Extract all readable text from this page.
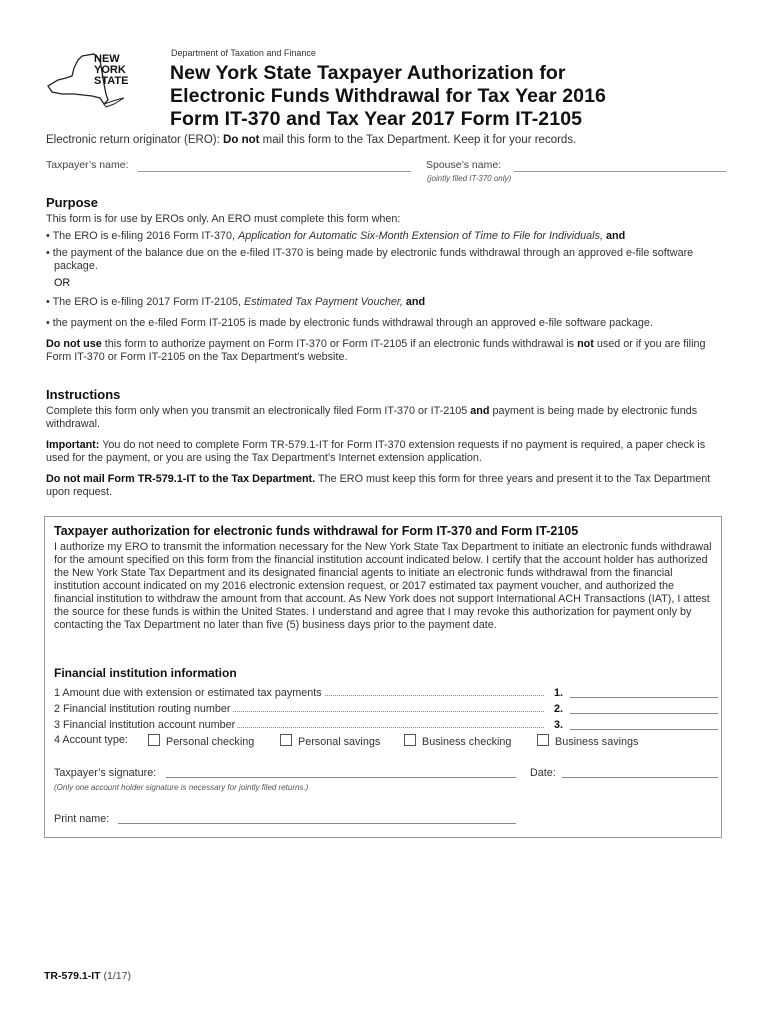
NEW
YORK
STATE
Department of Taxation and Finance
New York State Taxpayer Authorization for
Electronic Funds Withdrawal for Tax Year 2016
Form IT-370 and Tax Year 2017 Form IT-2105
Electronic return originator (ERO): Do not mail this form to the Tax Department. Keep it for your records.
Taxpayer’s name:	Spouse’s name:
(jointly filed IT-370 only)
Purpose

This form is for use by EROs only. An ERO must complete this form when:

• The ERO is e-filing 2016 Form IT-370, Application for Automatic Six-Month Extension of Time to File for Individuals, and

• the payment of the balance due on the e-filed IT-370 is being made by electronic funds withdrawal through an approved e-file software package.

OR

• The ERO is e-filing 2017 Form IT-2105, Estimated Tax Payment Voucher, and

• the payment on the e-filed Form IT-2105 is made by electronic funds withdrawal through an approved e-file software package.

Do not use this form to authorize payment on Form IT-370 or Form IT-2105 if an electronic funds withdrawal is not used or if you are filing Form IT-370 or Form IT-2105 on the Tax Department’s website.

Instructions

Complete this form only when you transmit an electronically filed Form IT-370 or IT-2105 and payment is being made by electronic funds withdrawal.

Important: You do not need to complete Form TR-579.1-IT for Form IT-370 extension requests if no payment is required, a paper check is used for the payment, or you are using the Tax Department’s Internet extension application.

Do not mail Form TR-579.1-IT to the Tax Department. The ERO must keep this form for three years and present it to the Tax Department upon request.

Taxpayer authorization for electronic funds withdrawal for Form IT-370 and Form IT-2105

I authorize my ERO to transmit the information necessary for the New York State Tax Department to initiate an electronic funds withdrawal for the amount specified on this form from the financial institution account indicated below. I certify that the account holder has authorized the New York State Tax Department and its designated financial agents to initiate an electronic funds withdrawal from the financial institution account indicated on my 2016 electronic extension request, or 2017 estimated tax payment voucher, and authorized the financial institution to withdraw the amount from that account. As New York does not support International ACH Transactions (IAT), I attest the source for these funds is within the United States. I understand and agree that I may revoke this authorization for payment only by contacting the Tax Department no later than five (5) business days prior to the payment date.

Financial institution information
1 Amount due with extension or estimated tax payments	1.
2 Financial institution routing number	2.
3 Financial institution account number	3.
4 Account type:	Personal checking	Personal savings	Business checking	Business savings
Taxpayer’s signature:	Date:
(Only one account holder signature is necessary for jointly filed returns.)
Print name:
TR-579.1-IT (1/17)
